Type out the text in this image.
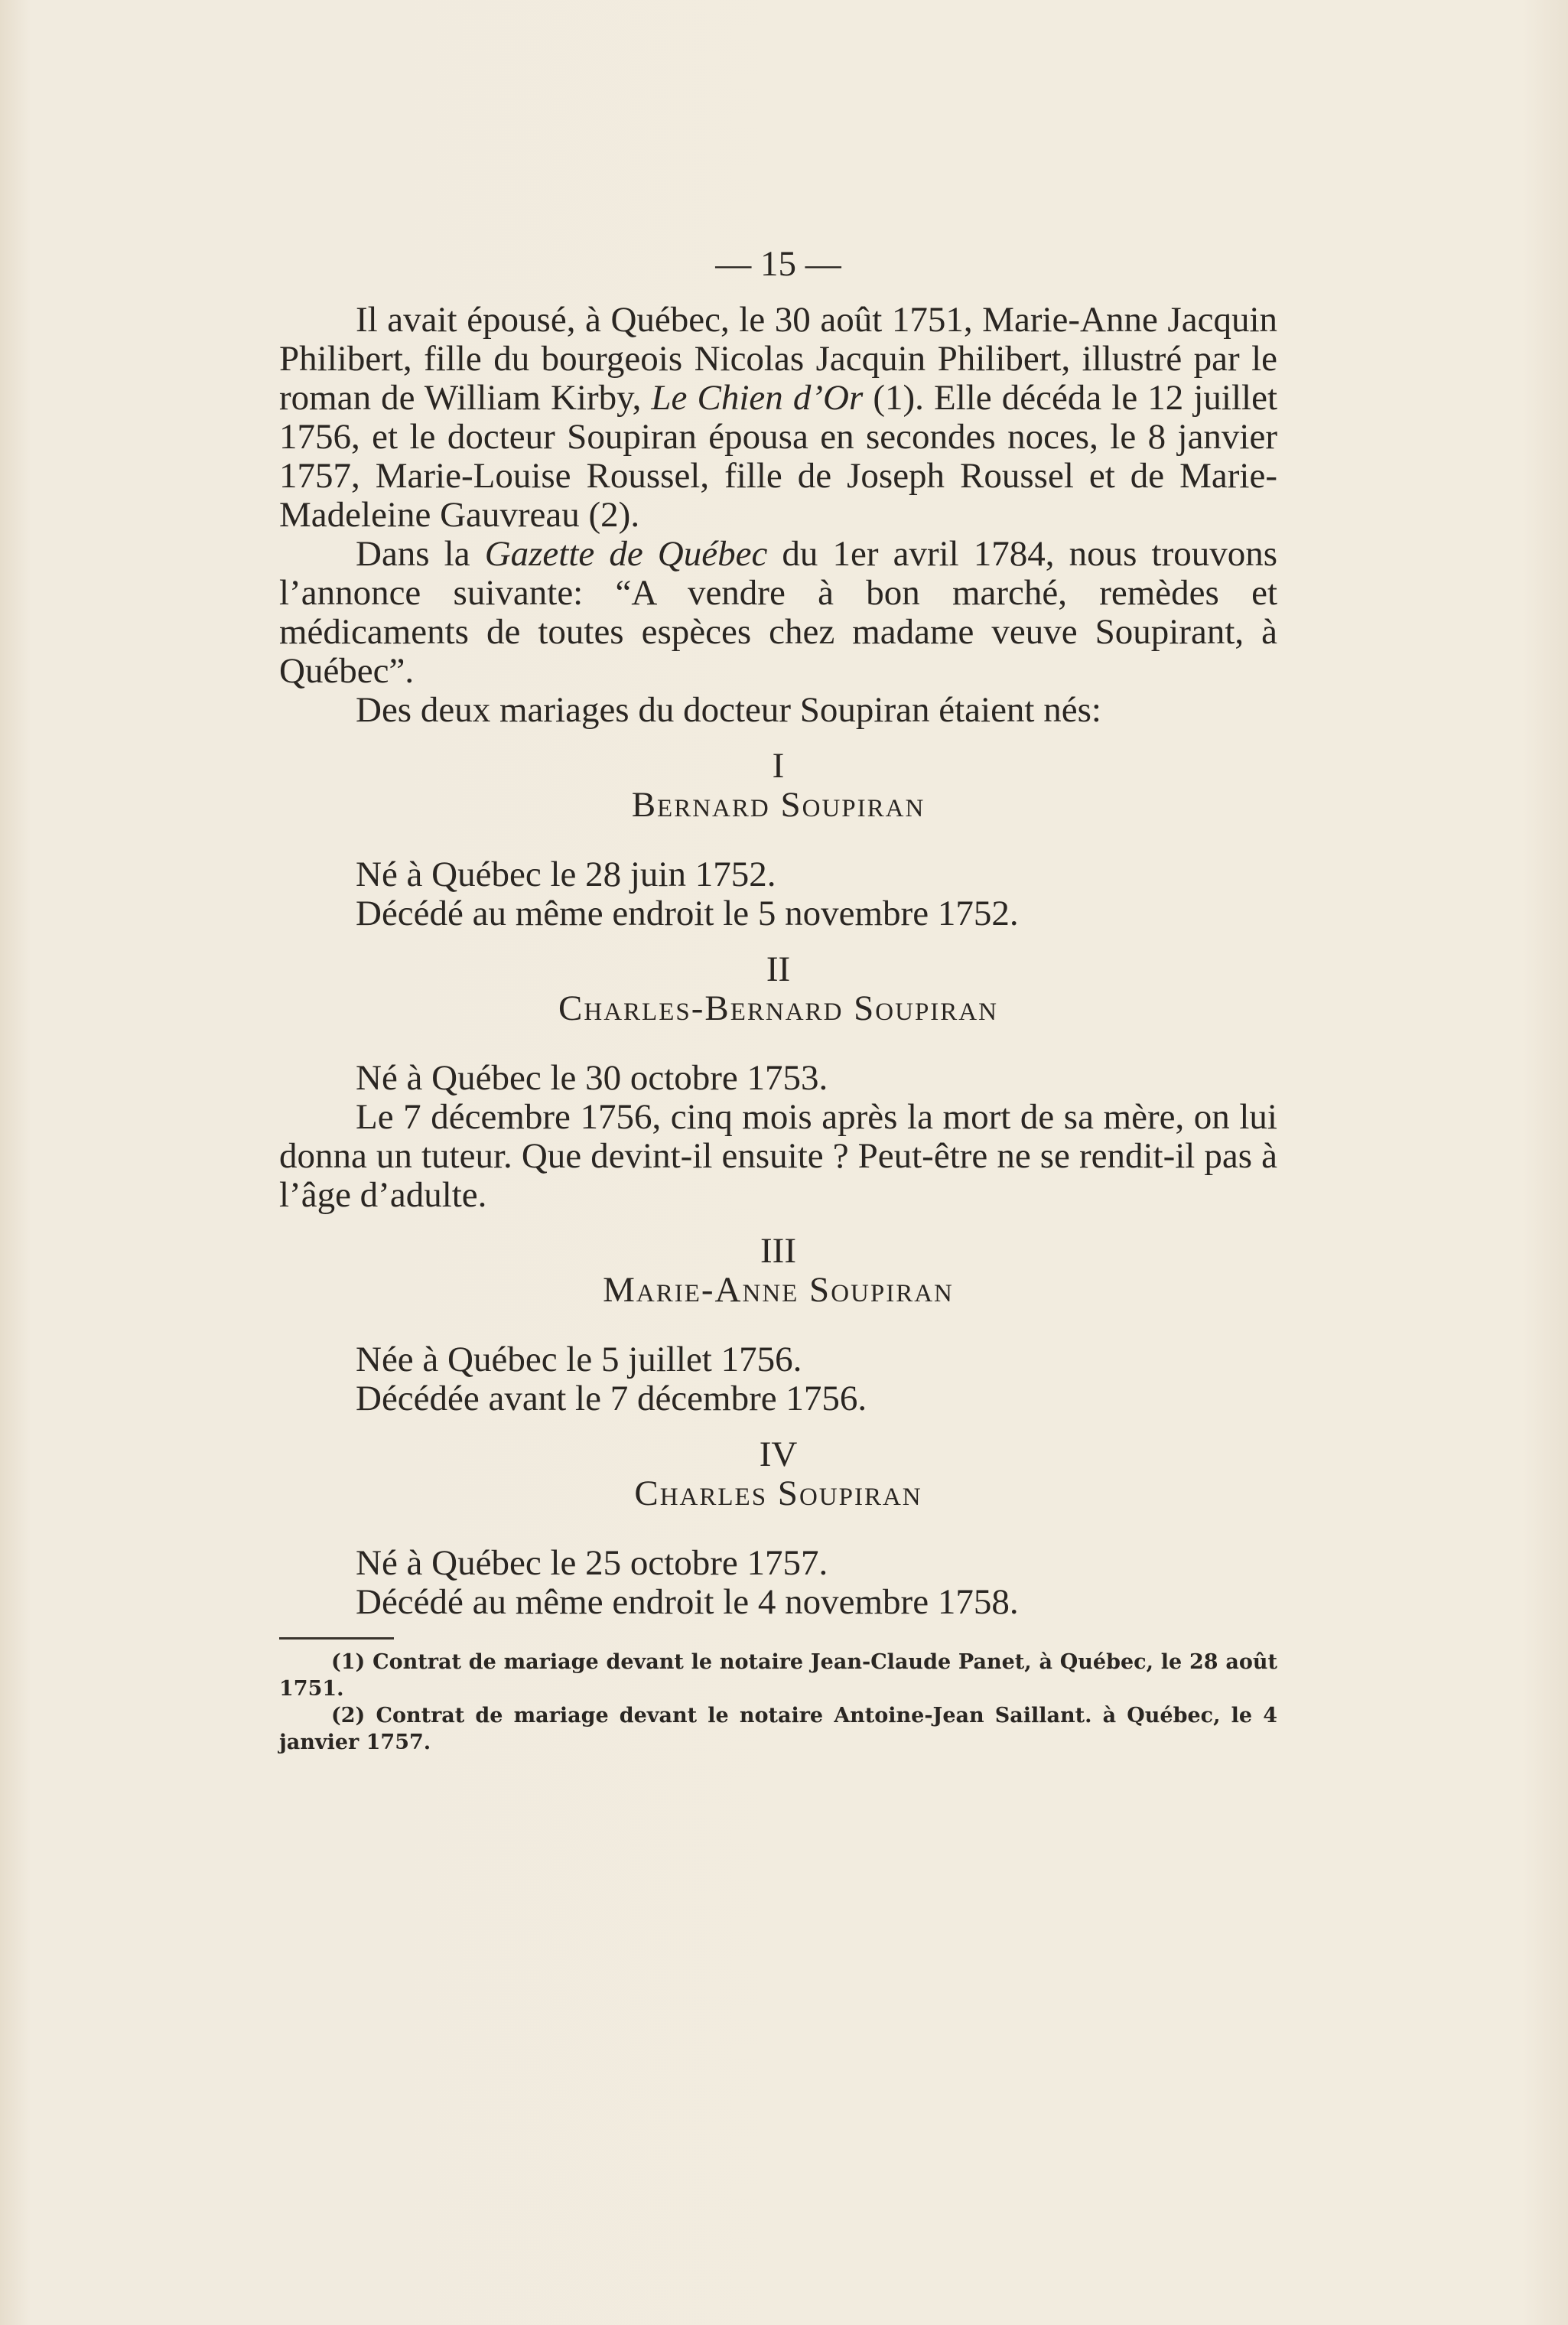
— 15 —

Il avait épousé, à Québec, le 30 août 1751, Marie-Anne Jacquin Philibert, fille du bourgeois Nicolas Jacquin Philibert, illustré par le roman de William Kirby, Le Chien d’Or (1). Elle décéda le 12 juillet 1756, et le docteur Soupiran épousa en secondes noces, le 8 janvier 1757, Marie-Louise Roussel, fille de Joseph Roussel et de Marie-Madeleine Gauvreau (2).

Dans la Gazette de Québec du 1er avril 1784, nous trouvons l’annonce suivante: “A vendre à bon marché, remèdes et médicaments de toutes espèces chez madame veuve Soupirant, à Québec”.

Des deux mariages du docteur Soupiran étaient nés:

I
Bernard Soupiran
Né à Québec le 28 juin 1752.
Décédé au même endroit le 5 novembre 1752.
II
Charles-Bernard Soupiran
Né à Québec le 30 octobre 1753.

Le 7 décembre 1756, cinq mois après la mort de sa mère, on lui donna un tuteur. Que devint-il ensuite ? Peut-être ne se rendit-il pas à l’âge d’adulte.

III
Marie-Anne Soupiran
Née à Québec le 5 juillet 1756.
Décédée avant le 7 décembre 1756.
IV
Charles Soupiran
Né à Québec le 25 octobre 1757.
Décédé au même endroit le 4 novembre 1758.
(1) Contrat de mariage devant le notaire Jean-Claude Panet, à Québec, le 28 août 1751.
(2) Contrat de mariage devant le notaire Antoine-Jean Saillant. à Québec, le 4 janvier 1757.
